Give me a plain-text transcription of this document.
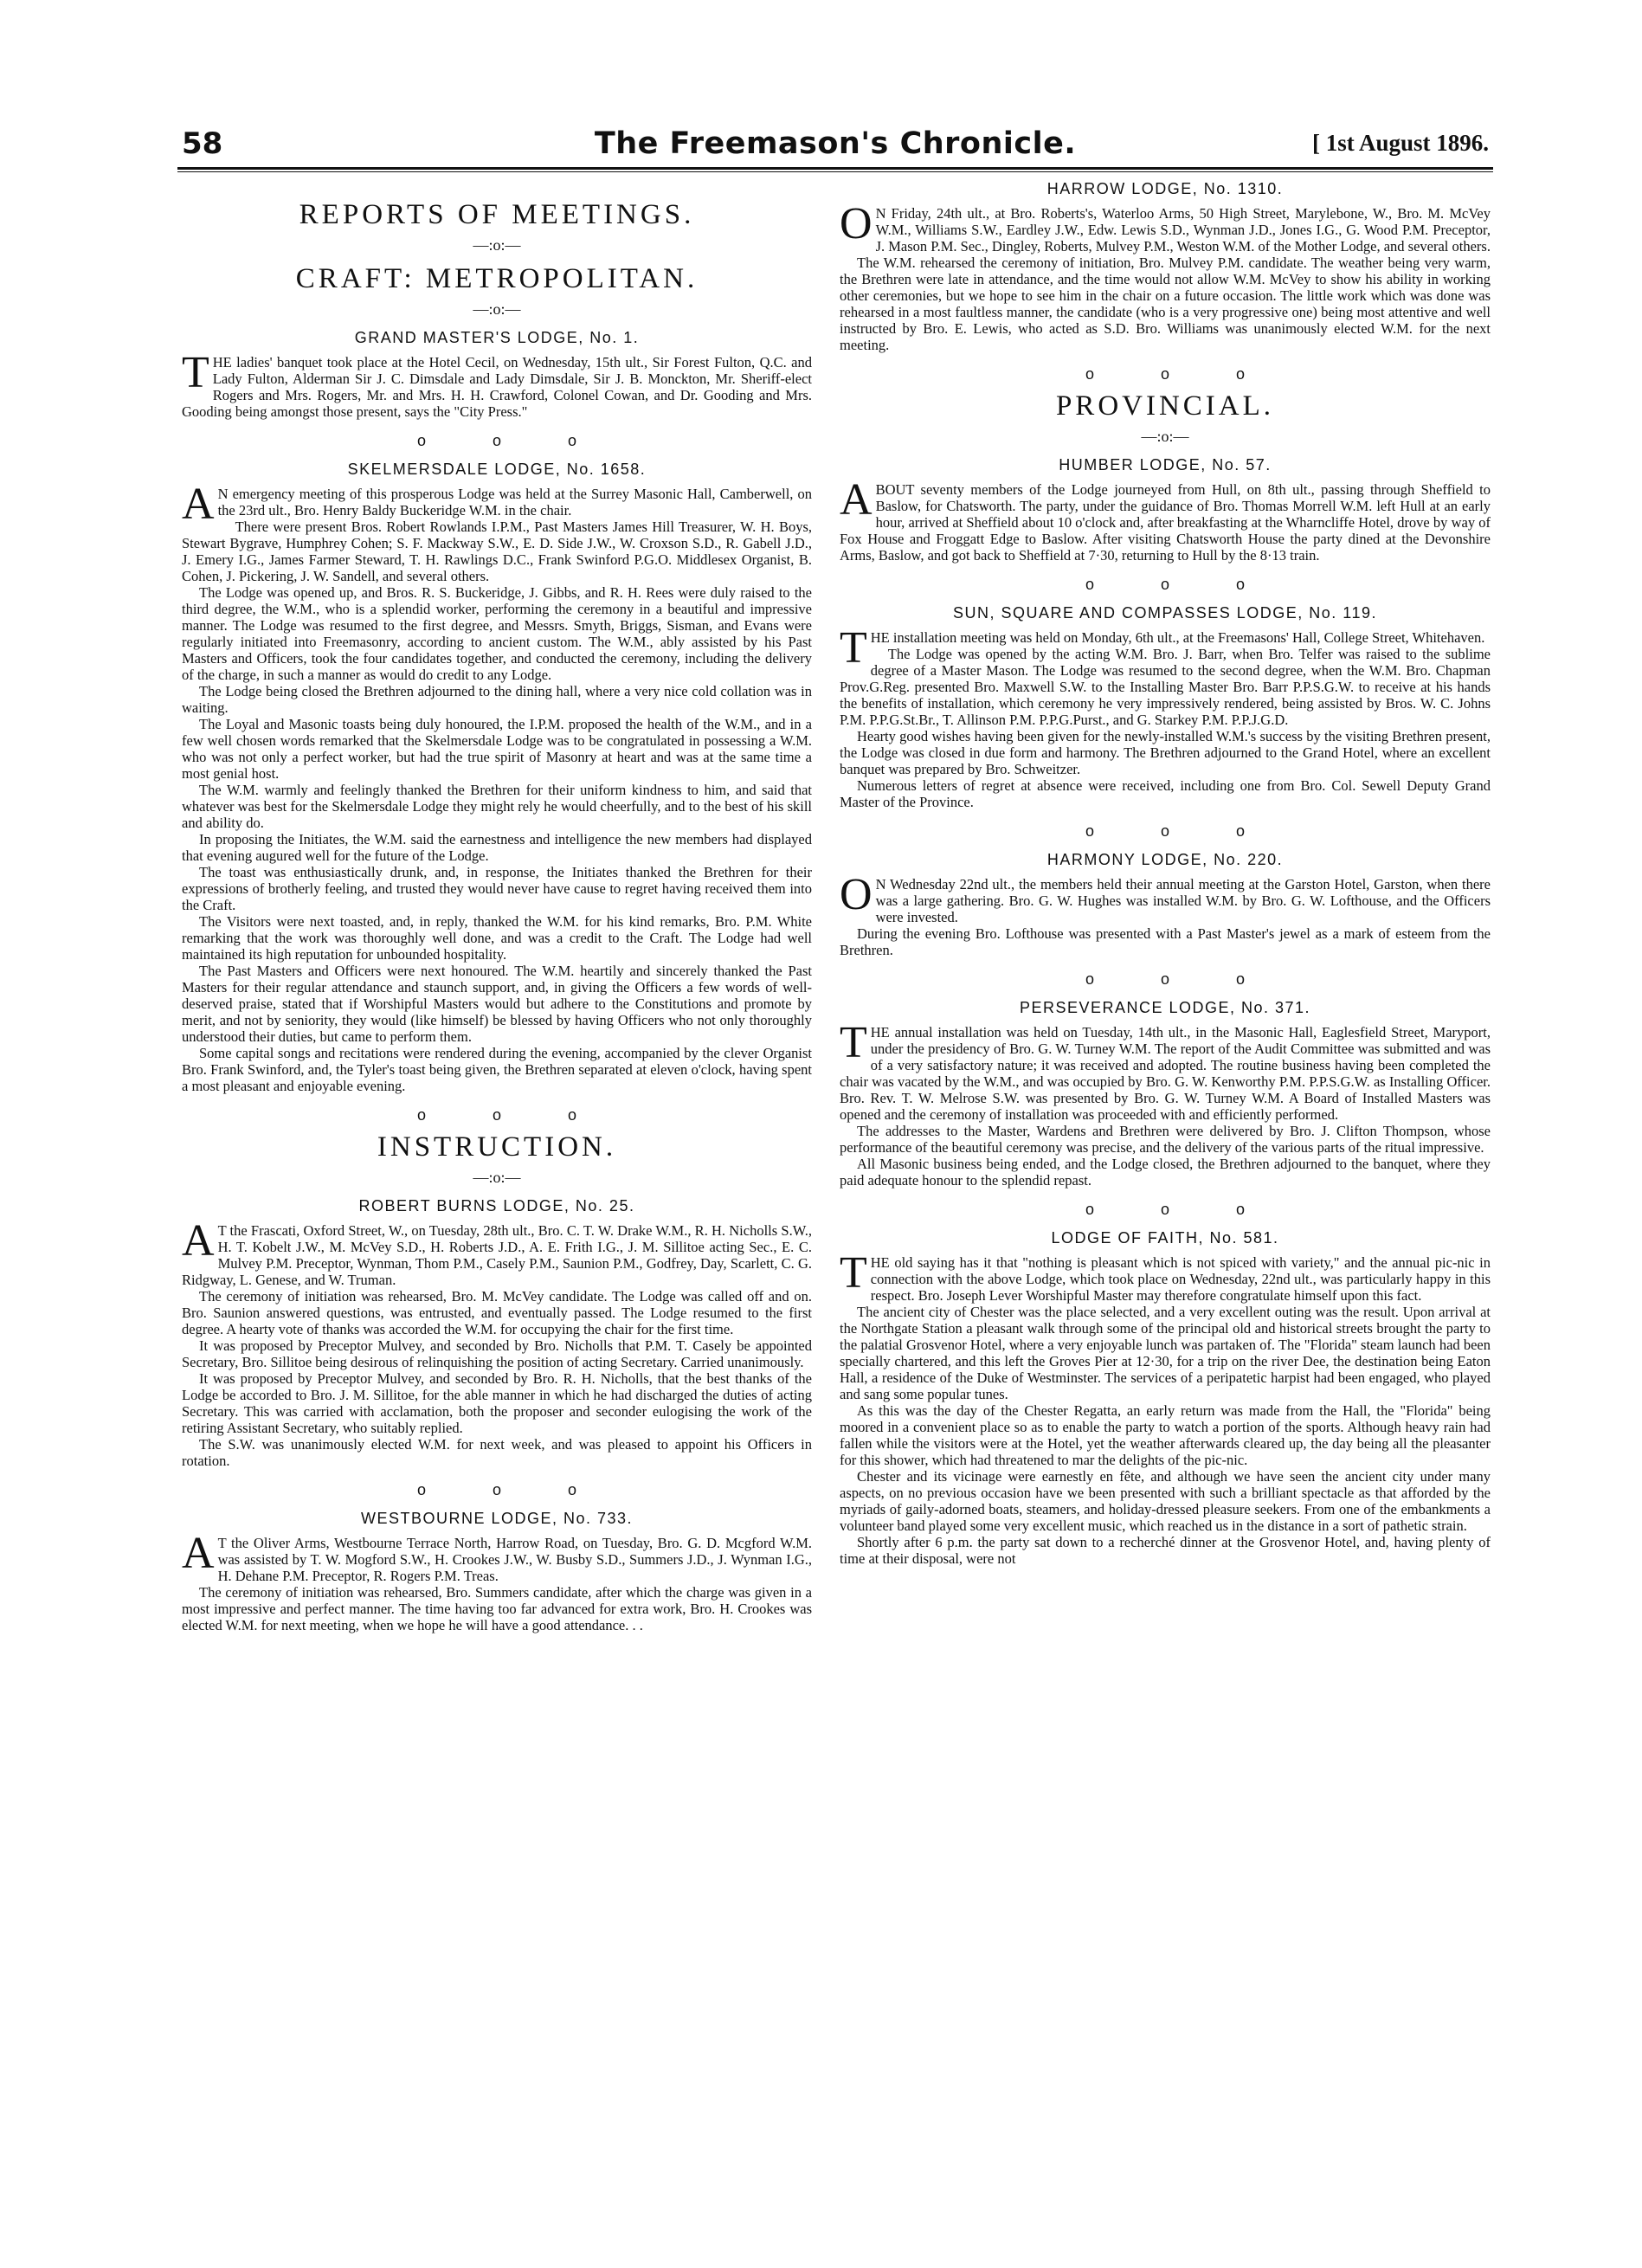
58	The Freemason's Chronicle.	[ 1st August 1896.
REPORTS OF MEETINGS.
—:o:—
CRAFT: METROPOLITAN.
—:o:—
GRAND MASTER'S LODGE, No. 1.

THE ladies' banquet took place at the Hotel Cecil, on Wednesday, 15th ult., Sir Forest Fulton, Q.C. and Lady Fulton, Alderman Sir J. C. Dimsdale and Lady Dimsdale, Sir J. B. Monckton, Mr. Sheriff-elect Rogers and Mrs. Rogers, Mr. and Mrs. H. H. Crawford, Colonel Cowan, and Dr. Gooding and Mrs. Gooding being amongst those present, says the "City Press."

o o o
SKELMERSDALE LODGE, No. 1658.

A N emergency meeting of this prosperous Lodge was held at the Surrey Masonic Hall, Camberwell, on the 23rd ult., Bro. Henry Baldy Buckeridge W.M. in the chair.

There were present Bros. Robert Rowlands I.P.M., Past Masters James Hill Treasurer, W. H. Boys, Stewart Bygrave, Humphrey Cohen; S. F. Mackway S.W., E. D. Side J.W., W. Croxson S.D., R. Gabell J.D., J. Emery I.G., James Farmer Steward, T. H. Rawlings D.C., Frank Swinford P.G.O. Middlesex Organist, B. Cohen, J. Pickering, J. W. Sandell, and several others.

The Lodge was opened up, and Bros. R. S. Buckeridge, J. Gibbs, and R. H. Rees were duly raised to the third degree, the W.M., who is a splendid worker, performing the ceremony in a beautiful and impressive manner. The Lodge was resumed to the first degree, and Messrs. Smyth, Briggs, Sisman, and Evans were regularly initiated into Freemasonry, according to ancient custom. The W.M., ably assisted by his Past Masters and Officers, took the four candidates together, and conducted the ceremony, including the delivery of the charge, in such a manner as would do credit to any Lodge.

The Lodge being closed the Brethren adjourned to the dining hall, where a very nice cold collation was in waiting.

The Loyal and Masonic toasts being duly honoured, the I.P.M. proposed the health of the W.M., and in a few well chosen words remarked that the Skelmersdale Lodge was to be congratulated in possessing a W.M. who was not only a perfect worker, but had the true spirit of Masonry at heart and was at the same time a most genial host.

The W.M. warmly and feelingly thanked the Brethren for their uniform kindness to him, and said that whatever was best for the Skelmersdale Lodge they might rely he would cheerfully, and to the best of his skill and ability do.

In proposing the Initiates, the W.M. said the earnestness and intelligence the new members had displayed that evening augured well for the future of the Lodge.

The toast was enthusiastically drunk, and, in response, the Initiates thanked the Brethren for their expressions of brotherly feeling, and trusted they would never have cause to regret having received them into the Craft.

The Visitors were next toasted, and, in reply, thanked the W.M. for his kind remarks, Bro. P.M. White remarking that the work was thoroughly well done, and was a credit to the Craft. The Lodge had well maintained its high reputation for unbounded hospitality.

The Past Masters and Officers were next honoured. The W.M. heartily and sincerely thanked the Past Masters for their regular attendance and staunch support, and, in giving the Officers a few words of well-deserved praise, stated that if Worshipful Masters would but adhere to the Constitutions and promote by merit, and not by seniority, they would (like himself) be blessed by having Officers who not only thoroughly understood their duties, but came to perform them.

Some capital songs and recitations were rendered during the evening, accompanied by the clever Organist Bro. Frank Swinford, and, the Tyler's toast being given, the Brethren separated at eleven o'clock, having spent a most pleasant and enjoyable evening.

o o o
INSTRUCTION.
—:o:—
ROBERT BURNS LODGE, No. 25.

A T the Frascati, Oxford Street, W., on Tuesday, 28th ult., Bro. C. T. W. Drake W.M., R. H. Nicholls S.W., H. T. Kobelt J.W., M. McVey S.D., H. Roberts J.D., A. E. Frith I.G., J. M. Sillitoe acting Sec., E. C. Mulvey P.M. Preceptor, Wynman, Thom P.M., Casely P.M., Saunion P.M., Godfrey, Day, Scarlett, C. G. Ridgway, L. Genese, and W. Truman.

The ceremony of initiation was rehearsed, Bro. M. McVey candidate. The Lodge was called off and on. Bro. Saunion answered questions, was entrusted, and eventually passed. The Lodge resumed to the first degree. A hearty vote of thanks was accorded the W.M. for occupying the chair for the first time.

It was proposed by Preceptor Mulvey, and seconded by Bro. Nicholls that P.M. T. Casely be appointed Secretary, Bro. Sillitoe being desirous of relinquishing the position of acting Secretary. Carried unanimously.

It was proposed by Preceptor Mulvey, and seconded by Bro. R. H. Nicholls, that the best thanks of the Lodge be accorded to Bro. J. M. Sillitoe, for the able manner in which he had discharged the duties of acting Secretary. This was carried with acclamation, both the proposer and seconder eulogising the work of the retiring Assistant Secretary, who suitably replied.

The S.W. was unanimously elected W.M. for next week, and was pleased to appoint his Officers in rotation.

o o o
WESTBOURNE LODGE, No. 733.

A T the Oliver Arms, Westbourne Terrace North, Harrow Road, on Tuesday, Bro. G. D. Mcgford W.M. was assisted by T. W. Mogford S.W., H. Crookes J.W., W. Busby S.D., Summers J.D., J. Wynman I.G., H. Dehane P.M. Preceptor, R. Rogers P.M. Treas.

The ceremony of initiation was rehearsed, Bro. Summers candidate, after which the charge was given in a most impressive and perfect manner. The time having too far advanced for extra work, Bro. H. Crookes was elected W.M. for next meeting, when we hope he will have a good attendance. . .

HARROW LODGE, No. 1310.

O N Friday, 24th ult., at Bro. Roberts's, Waterloo Arms, 50 High Street, Marylebone, W., Bro. M. McVey W.M., Williams S.W., Eardley J.W., Edw. Lewis S.D., Wynman J.D., Jones I.G., G. Wood P.M. Preceptor, J. Mason P.M. Sec., Dingley, Roberts, Mulvey P.M., Weston W.M. of the Mother Lodge, and several others.

The W.M. rehearsed the ceremony of initiation, Bro. Mulvey P.M. candidate. The weather being very warm, the Brethren were late in attendance, and the time would not allow W.M. McVey to show his ability in working other ceremonies, but we hope to see him in the chair on a future occasion. The little work which was done was rehearsed in a most faultless manner, the candidate (who is a very progressive one) being most attentive and well instructed by Bro. E. Lewis, who acted as S.D. Bro. Williams was unanimously elected W.M. for the next meeting.

o o o
PROVINCIAL.
—:o:—
HUMBER LODGE, No. 57.

ABOUT seventy members of the Lodge journeyed from Hull, on 8th ult., passing through Sheffield to Baslow, for Chatsworth. The party, under the guidance of Bro. Thomas Morrell W.M. left Hull at an early hour, arrived at Sheffield about 10 o'clock and, after breakfasting at the Wharncliffe Hotel, drove by way of Fox House and Froggatt Edge to Baslow. After visiting Chatsworth House the party dined at the Devonshire Arms, Baslow, and got back to Sheffield at 7·30, returning to Hull by the 8·13 train.

o o o
SUN, SQUARE AND COMPASSES LODGE, No. 119.

THE installation meeting was held on Monday, 6th ult., at the Freemasons' Hall, College Street, Whitehaven.

The Lodge was opened by the acting W.M. Bro. J. Barr, when Bro. Telfer was raised to the sublime degree of a Master Mason. The Lodge was resumed to the second degree, when the W.M. Bro. Chapman Prov.G.Reg. presented Bro. Maxwell S.W. to the Installing Master Bro. Barr P.P.S.G.W. to receive at his hands the benefits of installation, which ceremony he very impressively rendered, being assisted by Bros. W. C. Johns P.M. P.P.G.St.Br., T. Allinson P.M. P.P.G.Purst., and G. Starkey P.M. P.P.J.G.D.

Hearty good wishes having been given for the newly-installed W.M.'s success by the visiting Brethren present, the Lodge was closed in due form and harmony. The Brethren adjourned to the Grand Hotel, where an excellent banquet was prepared by Bro. Schweitzer.

Numerous letters of regret at absence were received, including one from Bro. Col. Sewell Deputy Grand Master of the Province.

o o o
HARMONY LODGE, No. 220.

O N Wednesday 22nd ult., the members held their annual meeting at the Garston Hotel, Garston, when there was a large gathering. Bro. G. W. Hughes was installed W.M. by Bro. G. W. Lofthouse, and the Officers were invested.

During the evening Bro. Lofthouse was presented with a Past Master's jewel as a mark of esteem from the Brethren.

o o o
PERSEVERANCE LODGE, No. 371.

THE annual installation was held on Tuesday, 14th ult., in the Masonic Hall, Eaglesfield Street, Maryport, under the presidency of Bro. G. W. Turney W.M. The report of the Audit Committee was submitted and was of a very satisfactory nature; it was received and adopted. The routine business having been completed the chair was vacated by the W.M., and was occupied by Bro. G. W. Kenworthy P.M. P.P.S.G.W. as Installing Officer. Bro. Rev. T. W. Melrose S.W. was presented by Bro. G. W. Turney W.M. A Board of Installed Masters was opened and the ceremony of installation was proceeded with and efficiently performed.

The addresses to the Master, Wardens and Brethren were delivered by Bro. J. Clifton Thompson, whose performance of the beautiful ceremony was precise, and the delivery of the various parts of the ritual impressive.

All Masonic business being ended, and the Lodge closed, the Brethren adjourned to the banquet, where they paid adequate honour to the splendid repast.

o o o
LODGE OF FAITH, No. 581.

THE old saying has it that "nothing is pleasant which is not spiced with variety," and the annual pic-nic in connection with the above Lodge, which took place on Wednesday, 22nd ult., was particularly happy in this respect. Bro. Joseph Lever Worshipful Master may therefore congratulate himself upon this fact.

The ancient city of Chester was the place selected, and a very excellent outing was the result. Upon arrival at the Northgate Station a pleasant walk through some of the principal old and historical streets brought the party to the palatial Grosvenor Hotel, where a very enjoyable lunch was partaken of. The "Florida" steam launch had been specially chartered, and this left the Groves Pier at 12·30, for a trip on the river Dee, the destination being Eaton Hall, a residence of the Duke of Westminster. The services of a peripatetic harpist had been engaged, who played and sang some popular tunes.

As this was the day of the Chester Regatta, an early return was made from the Hall, the "Florida" being moored in a convenient place so as to enable the party to watch a portion of the sports. Although heavy rain had fallen while the visitors were at the Hotel, yet the weather afterwards cleared up, the day being all the pleasanter for this shower, which had threatened to mar the delights of the pic-nic.

Chester and its vicinage were earnestly en fête, and although we have seen the ancient city under many aspects, on no previous occasion have we been presented with such a brilliant spectacle as that afforded by the myriads of gaily-adorned boats, steamers, and holiday-dressed pleasure seekers. From one of the embankments a volunteer band played some very excellent music, which reached us in the distance in a sort of pathetic strain.

Shortly after 6 p.m. the party sat down to a recherché dinner at the Grosvenor Hotel, and, having plenty of time at their disposal, were not
